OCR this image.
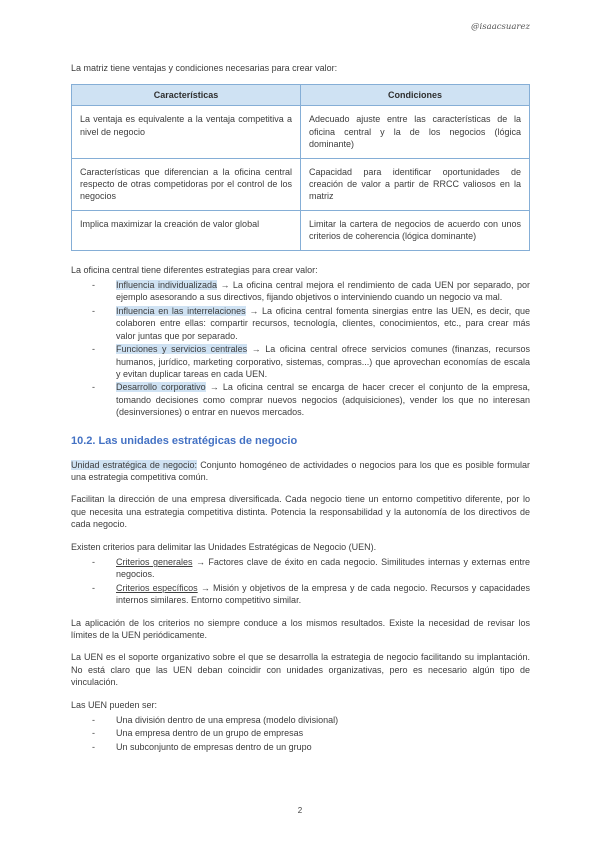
@isaacsuarez

La matriz tiene ventajas y condiciones necesarias para crear valor:

Características	Condiciones
La ventaja es equivalente a la ventaja competitiva a nivel de negocio	Adecuado ajuste entre las características de la oficina central y la de los negocios (lógica dominante)
Características que diferencian a la oficina central respecto de otras competidoras por el control de los negocios	Capacidad para identificar oportunidades de creación de valor a partir de RRCC valiosos en la matriz
Implica maximizar la creación de valor global	Limitar la cartera de negocios de acuerdo con unos criterios de coherencia (lógica dominante)

La oficina central tiene diferentes estrategias para crear valor:

-	Influencia individualizada → La oficina central mejora el rendimiento de cada UEN por separado, por ejemplo asesorando a sus directivos, fijando objetivos o interviniendo cuando un negocio va mal.
-	Influencia en las interrelaciones → La oficina central fomenta sinergias entre las UEN, es decir, que colaboren entre ellas: compartir recursos, tecnología, clientes, conocimientos, etc., para crear más valor juntas que por separado.
-	Funciones y servicios centrales → La oficina central ofrece servicios comunes (finanzas, recursos humanos, jurídico, marketing corporativo, sistemas, compras...) que aprovechan economías de escala y evitan duplicar tareas en cada UEN.
-	Desarrollo corporativo → La oficina central se encarga de hacer crecer el conjunto de la empresa, tomando decisiones como comprar nuevos negocios (adquisiciones), vender los que no interesan (desinversiones) o entrar en nuevos mercados.
10.2. Las unidades estratégicas de negocio

Unidad estratégica de negocio: Conjunto homogéneo de actividades o negocios para los que es posible formular una estrategia competitiva común.

Facilitan la dirección de una empresa diversificada. Cada negocio tiene un entorno competitivo diferente, por lo que necesita una estrategia competitiva distinta. Potencia la responsabilidad y la autonomía de los directivos de cada negocio.

Existen criterios para delimitar las Unidades Estratégicas de Negocio (UEN).

-	Criterios generales → Factores clave de éxito en cada negocio. Similitudes internas y externas entre negocios.
-	Criterios específicos → Misión y objetivos de la empresa y de cada negocio. Recursos y capacidades internos similares. Entorno competitivo similar.

La aplicación de los criterios no siempre conduce a los mismos resultados. Existe la necesidad de revisar los límites de la UEN periódicamente.

La UEN es el soporte organizativo sobre el que se desarrolla la estrategia de negocio facilitando su implantación. No está claro que las UEN deban coincidir con unidades organizativas, pero es necesario algún tipo de vinculación.

Las UEN pueden ser:

-	Una división dentro de una empresa (modelo divisional)
-	Una empresa dentro de un grupo de empresas
-	Un subconjunto de empresas dentro de un grupo
2
